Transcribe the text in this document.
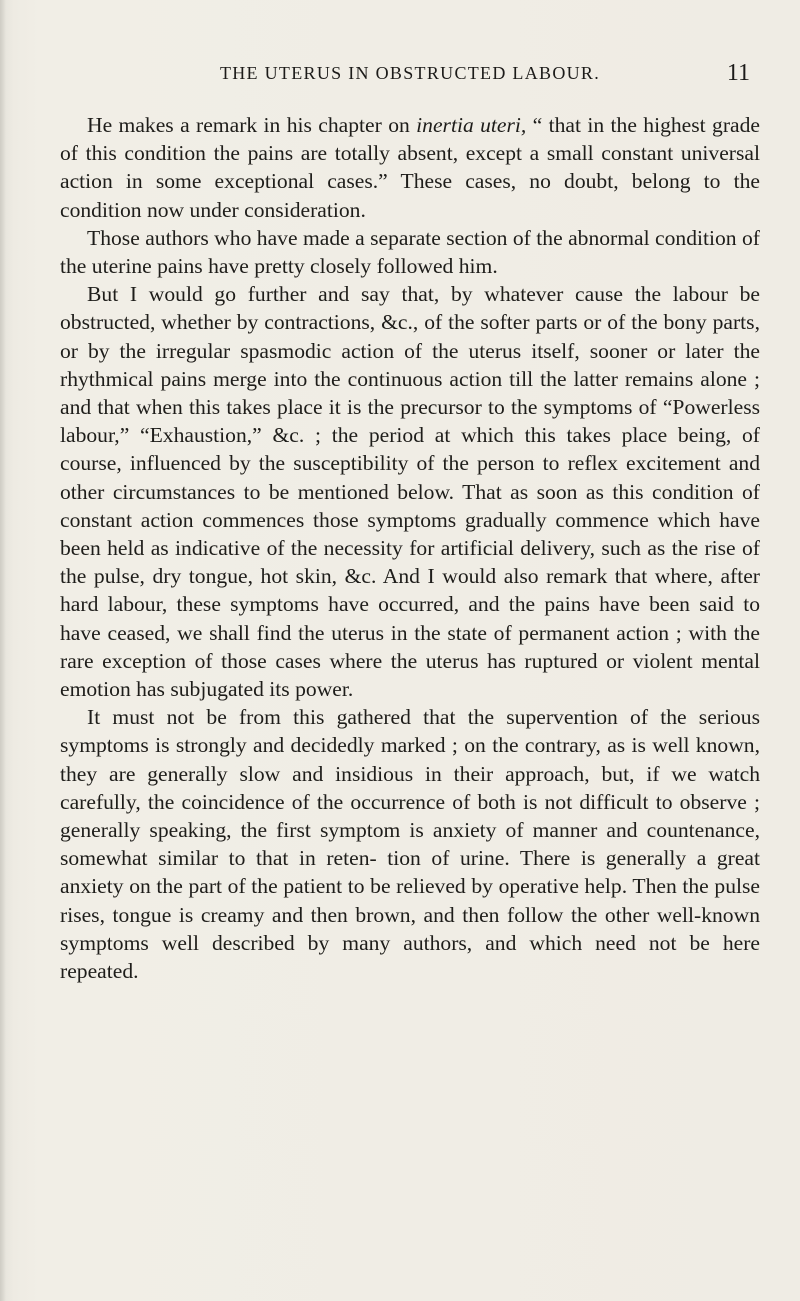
THE UTERUS IN OBSTRUCTED LABOUR.	11

He makes a remark in his chapter on inertia uteri, “ that in the highest grade of this condition the pains are totally absent, except a small constant universal action in some exceptional cases.” These cases, no doubt, belong to the condition now under consideration.

Those authors who have made a separate section of the abnormal condition of the uterine pains have pretty closely followed him.

But I would go further and say that, by whatever cause the labour be obstructed, whether by contractions, &c., of the softer parts or of the bony parts, or by the irregular spasmodic action of the uterus itself, sooner or later the rhythmical pains merge into the continuous action till the latter remains alone ; and that when this takes place it is the precursor to the symptoms of “Powerless labour,” “Exhaustion,” &c. ; the period at which this takes place being, of course, influenced by the susceptibility of the person to reflex excitement and other circumstances to be mentioned below. That as soon as this condition of constant action commences those symptoms gradually commence which have been held as indicative of the necessity for artificial delivery, such as the rise of the pulse, dry tongue, hot skin, &c. And I would also remark that where, after hard labour, these symptoms have occurred, and the pains have been said to have ceased, we shall find the uterus in the state of permanent action ; with the rare exception of those cases where the uterus has ruptured or violent mental emotion has subjugated its power.

It must not be from this gathered that the supervention of the serious symptoms is strongly and decidedly marked ; on the contrary, as is well known, they are generally slow and insidious in their approach, but, if we watch carefully, the coincidence of the occurrence of both is not difficult to observe ; generally speaking, the first symptom is anxiety of manner and countenance, somewhat similar to that in reten- tion of urine. There is generally a great anxiety on the part of the patient to be relieved by operative help. Then the pulse rises, tongue is creamy and then brown, and then follow the other well-known symptoms well described by many authors, and which need not be here repeated.
